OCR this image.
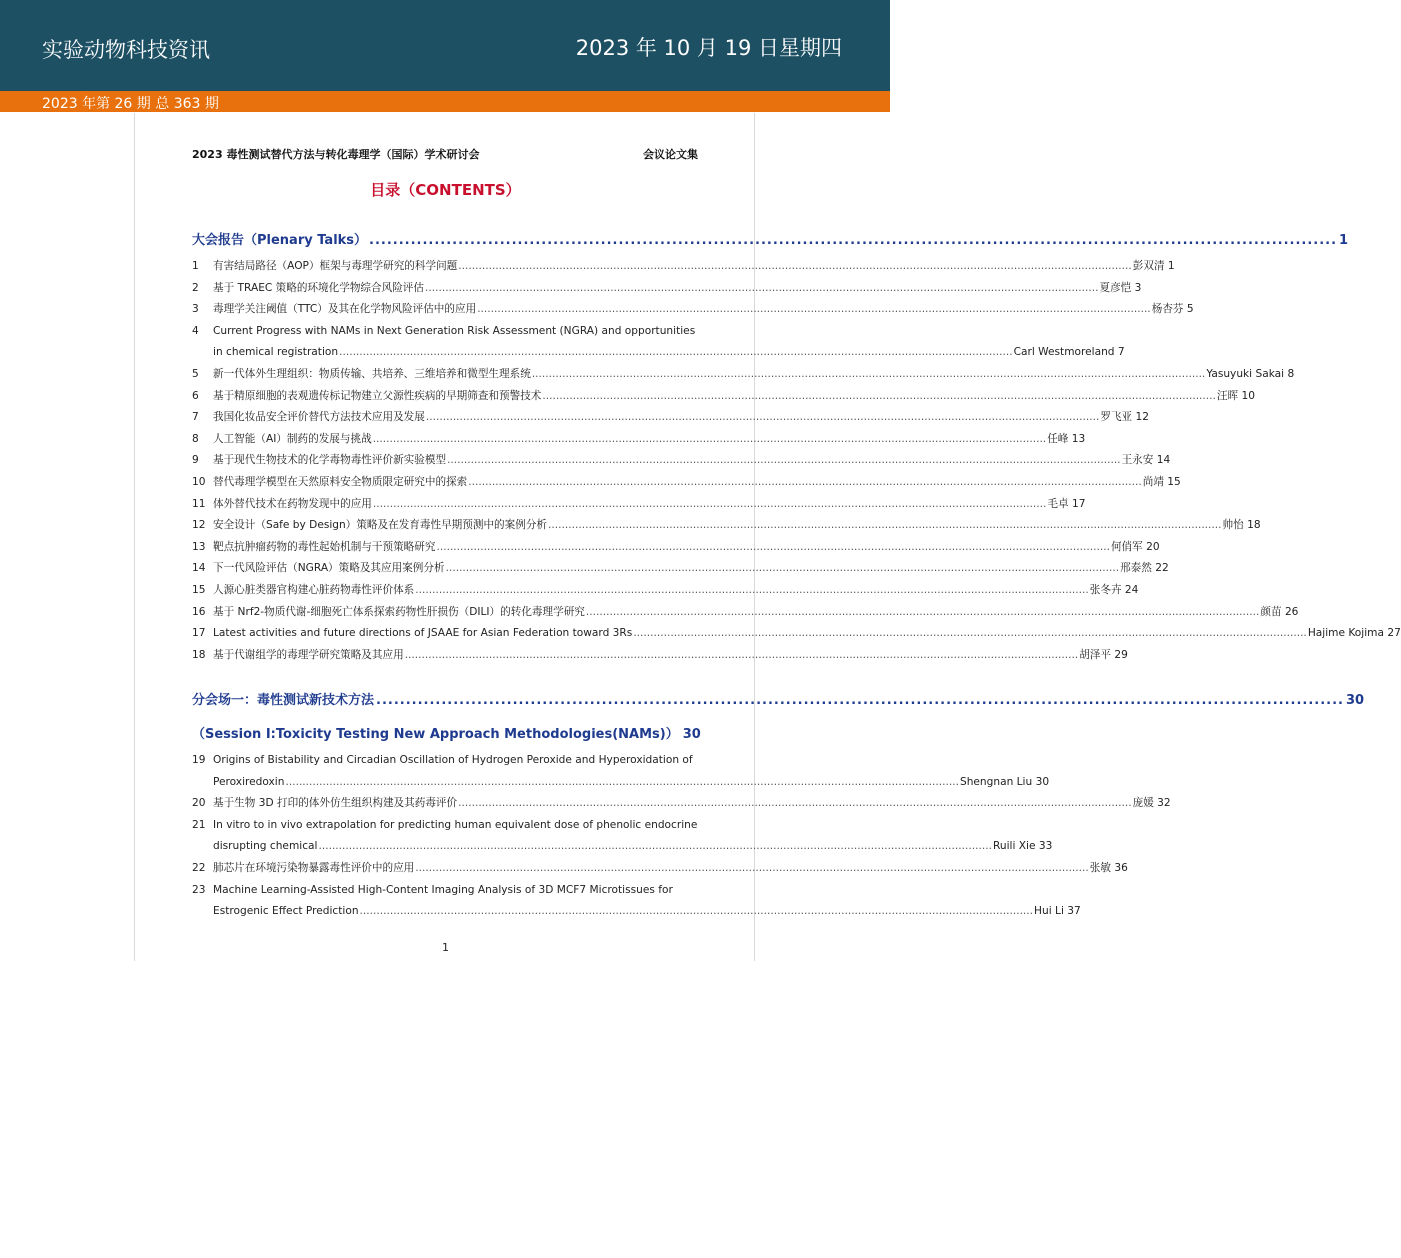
实验动物科技资讯	2023 年 10 月 19 日星期四
2023 年第 26 期 总 363 期
2023 毒性测试替代方法与转化毒理学（国际）学术研讨会	会议论文集
目录（CONTENTS）
大会报告（Plenary Talks） .....	1
1	有害结局路径（AOP）框架与毒理学研究的科学问题 .....	彭双清 1
2	基于 TRAEC 策略的环境化学物综合风险评估 .....	夏彦恺 3
3	毒理学关注阈值（TTC）及其在化学物风险评估中的应用 .....	杨杏芬 5
4	Current Progress with NAMs in Next Generation Risk Assessment (NGRA) and opportunities
in chemical registration .....	Carl Westmoreland 7
5	新一代体外生理组织：物质传输、共培养、三维培养和微型生理系统 .....	Yasuyuki Sakai 8
6	基于精原细胞的表观遗传标记物建立父源性疾病的早期筛查和预警技术 .....	汪晖 10
7	我国化妆品安全评价替代方法技术应用及发展 .....	罗飞亚 12
8	人工智能（AI）制药的发展与挑战 .....	任峰 13
9	基于现代生物技术的化学毒物毒性评价新实验模型 .....	王永安 14
10 替代毒理学模型在天然原料安全物质限定研究中的探索 .....	尚靖 15
11 体外替代技术在药物发现中的应用 .....	毛卓 17
12 安全设计（Safe by Design）策略及在发育毒性早期预测中的案例分析 .....	帅怡 18
13 靶点抗肿瘤药物的毒性起始机制与干预策略研究 .....	何俏军 20
14 下一代风险评估（NGRA）策略及其应用案例分析 .....	邢泰然 22
15 人源心脏类器官构建心脏药物毒性评价体系 .....	张冬卉 24
16 基于 Nrf2-物质代谢-细胞死亡体系探索药物性肝损伤（DILI）的转化毒理学研究 .....	颜苗 26
17 Latest activities and future directions of JSAAE for Asian Federation toward 3Rs .....	Hajime Kojima 27
18 基于代谢组学的毒理学研究策略及其应用 .....	胡泽平 29
分会场一：毒性测试新技术方法 .....	30
（Session Ⅰ:Toxicity Testing New Approach Methodologies(NAMs)） 30
19 Origins of Bistability and Circadian Oscillation of Hydrogen Peroxide and Hyperoxidation of
Peroxiredoxin .....	Shengnan Liu 30
20 基于生物 3D 打印的体外仿生组织构建及其药毒评价 .....	庞媛 32
21 In vitro to in vivo extrapolation for predicting human equivalent dose of phenolic endocrine
disrupting chemical .....	Ruili Xie 33
22 肺芯片在环境污染物暴露毒性评价中的应用 .....	张敏 36
23 Machine Learning-Assisted High-Content Imaging Analysis of 3D MCF7 Microtissues for
Estrogenic Effect Prediction .....	Hui Li 37
1
